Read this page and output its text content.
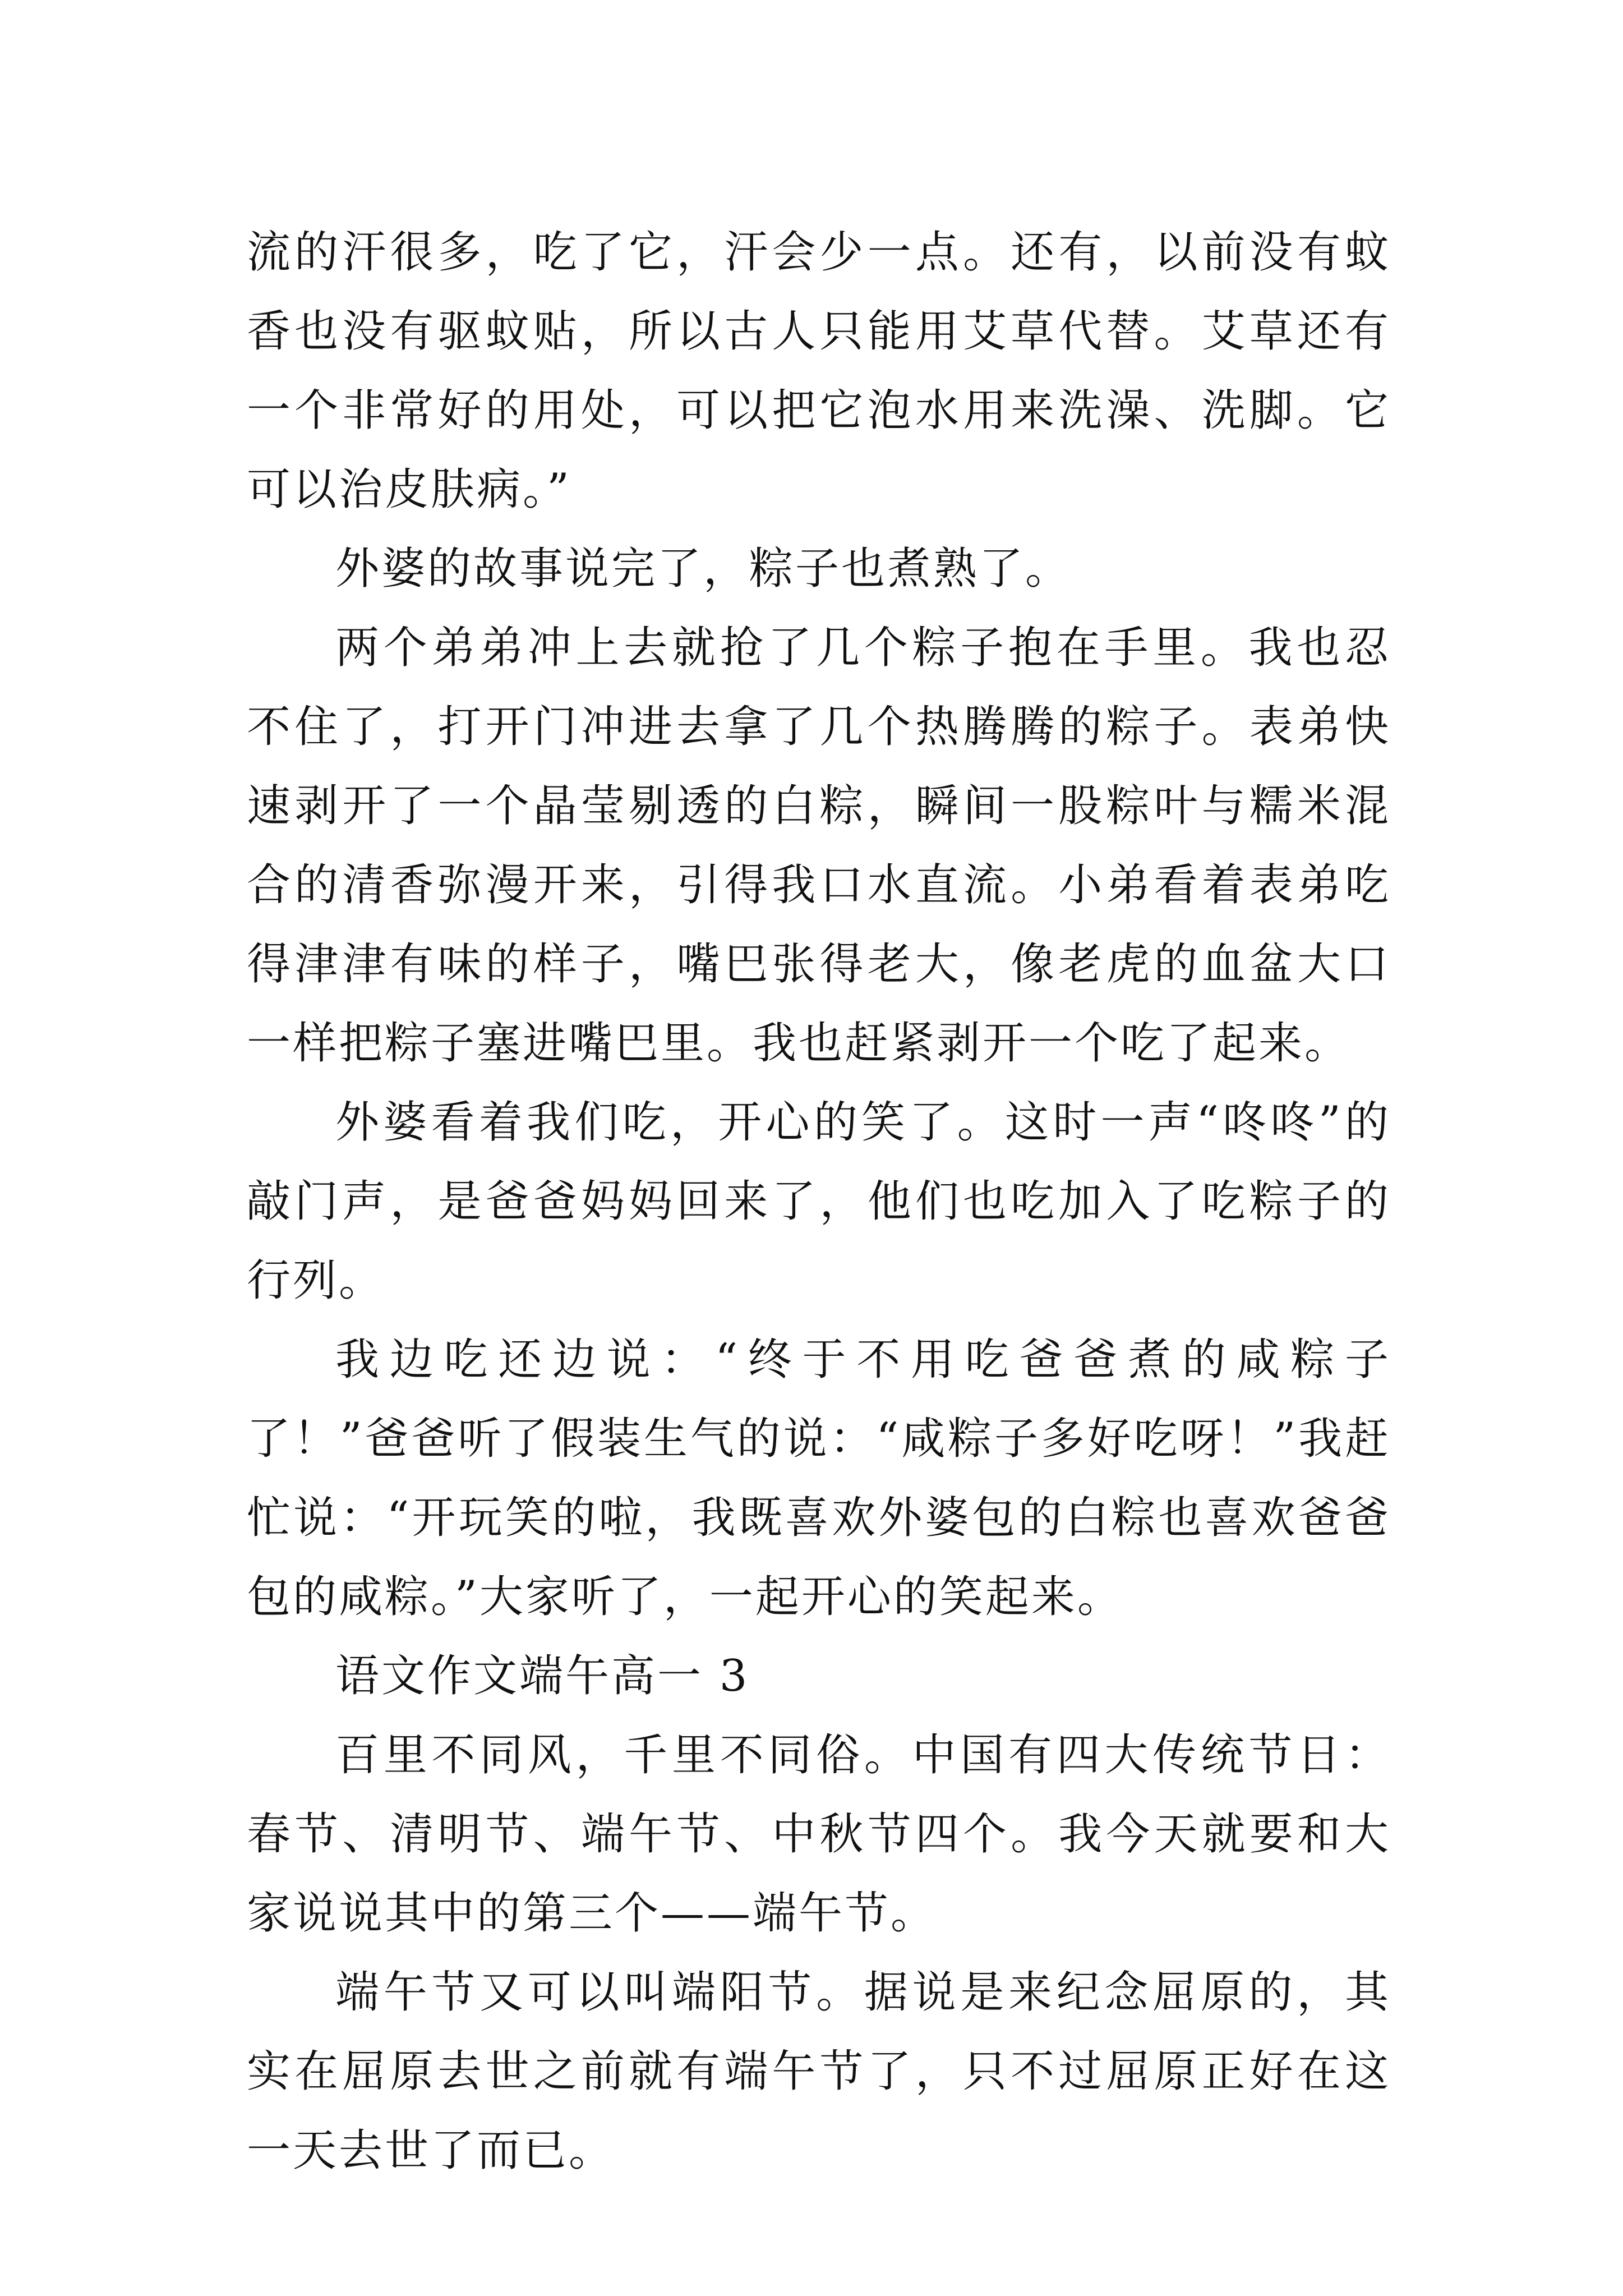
流的汗很多，吃了它，汗会少一点。还有，以前没有蚊香也没有驱蚊贴，所以古人只能用艾草代替。艾草还有一个非常好的用处，可以把它泡水用来洗澡、洗脚。它可以治皮肤病。”

外婆的故事说完了，粽子也煮熟了。

两个弟弟冲上去就抢了几个粽子抱在手里。我也忍不住了，打开门冲进去拿了几个热腾腾的粽子。表弟快速剥开了一个晶莹剔透的白粽，瞬间一股粽叶与糯米混合的清香弥漫开来，引得我口水直流。小弟看着表弟吃得津津有味的样子，嘴巴张得老大，像老虎的血盆大口一样把粽子塞进嘴巴里。我也赶紧剥开一个吃了起来。

外婆看着我们吃，开心的笑了。这时一声“咚咚”的敲门声，是爸爸妈妈回来了，他们也吃加入了吃粽子的行列。

我边吃还边说：“终于不用吃爸爸煮的咸粽子了！”爸爸听了假装生气的说：“咸粽子多好吃呀！”我赶忙说：“开玩笑的啦，我既喜欢外婆包的白粽也喜欢爸爸包的咸粽。”大家听了，一起开心的笑起来。

语文作文端午高一 3

百里不同风，千里不同俗。中国有四大传统节日：春节、清明节、端午节、中秋节四个。我今天就要和大家说说其中的第三个——端午节。

端午节又可以叫端阳节。据说是来纪念屈原的，其实在屈原去世之前就有端午节了，只不过屈原正好在这一天去世了而已。
